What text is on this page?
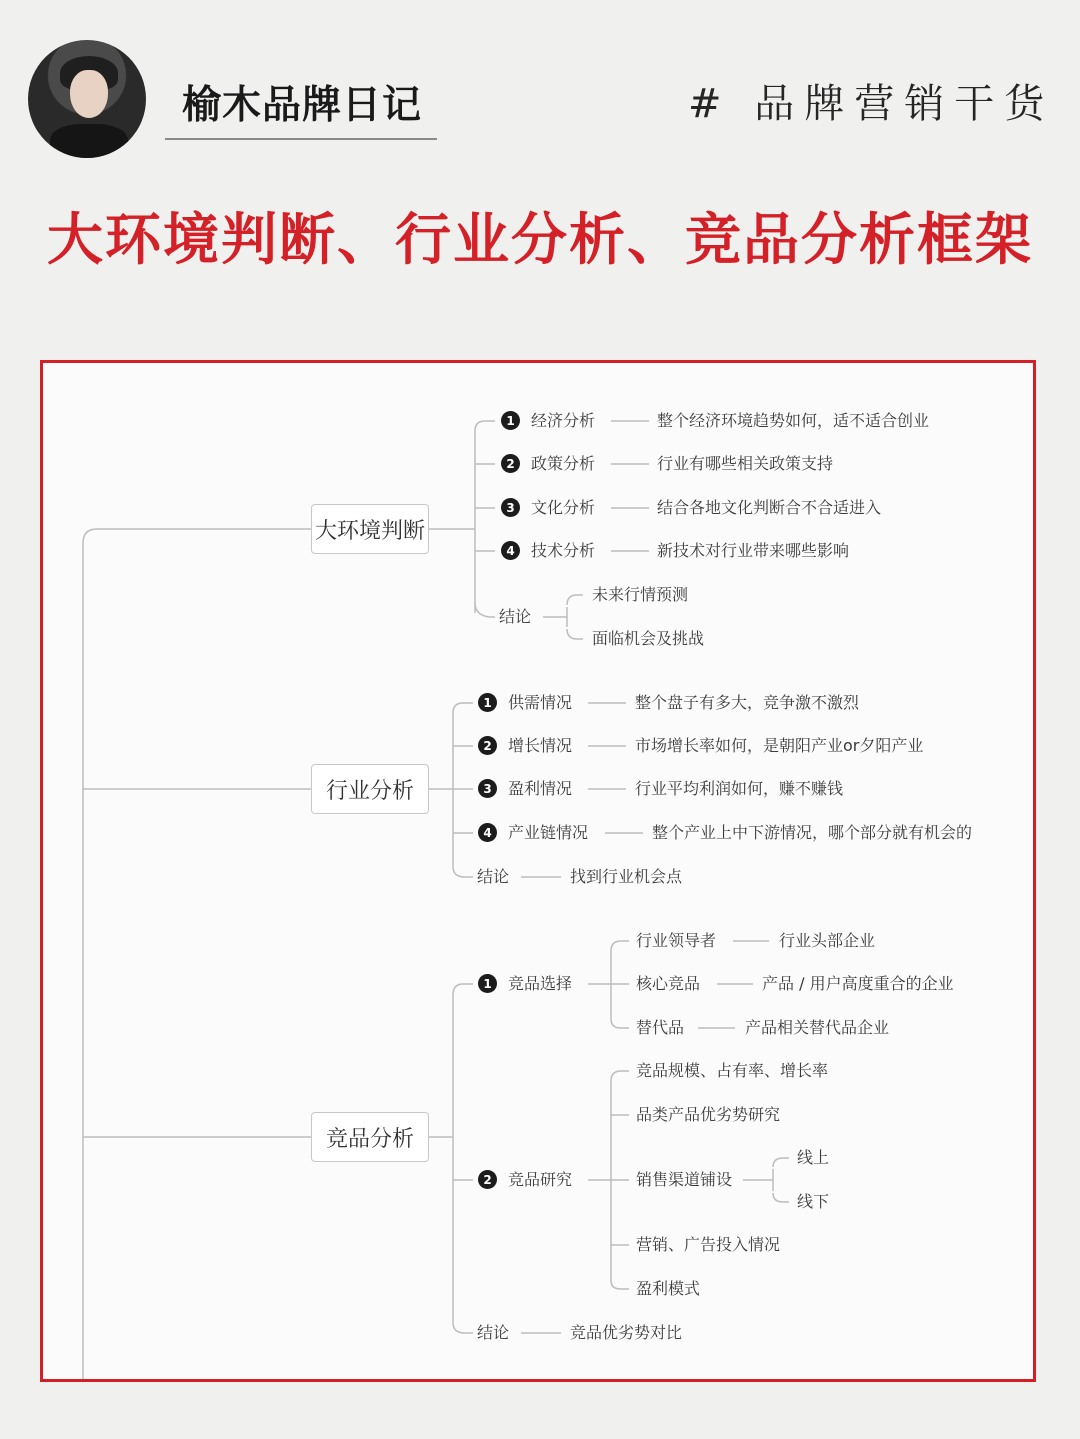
榆木品牌日记	# 品牌营销干货
大环境判断、行业分析、竞品分析框架
大环境判断
行业分析
竞品分析
1	经济分析	整个经济环境趋势如何，适不适合创业
2	政策分析	行业有哪些相关政策支持
3	文化分析	结合各地文化判断合不合适进入
4	技术分析	新技术对行业带来哪些影响
结论
未来行情预测
面临机会及挑战
1	供需情况	整个盘子有多大，竞争激不激烈
2	增长情况	市场增长率如何，是朝阳产业or夕阳产业
3	盈利情况	行业平均利润如何，赚不赚钱
4	产业链情况	整个产业上中下游情况，哪个部分就有机会的
结论	找到行业机会点
1	竞品选择
行业领导者	行业头部企业
核心竞品	产品 / 用户高度重合的企业
替代品	产品相关替代品企业
2	竞品研究
竞品规模、占有率、增长率
品类产品优劣势研究
销售渠道铺设
营销、广告投入情况
盈利模式
线上
线下
结论	竞品优劣势对比
